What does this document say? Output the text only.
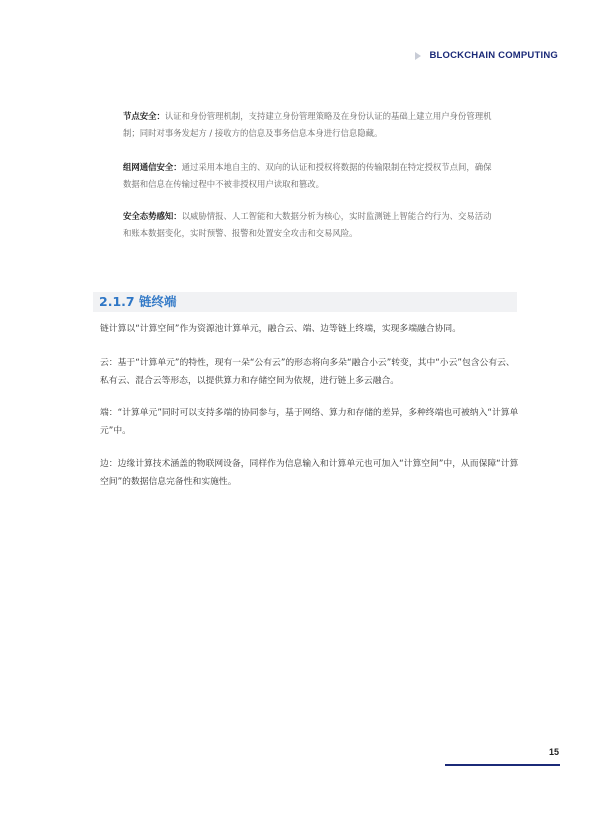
BLOCKCHAIN COMPUTING
节点安全：认证和身份管理机制，支持建立身份管理策略及在身份认证的基础上建立用户身份管理机制；同时对事务发起方 / 接收方的信息及事务信息本身进行信息隐藏。
组网通信安全：通过采用本地自主的、双向的认证和授权将数据的传输限制在特定授权节点间，确保数据和信息在传输过程中不被非授权用户读取和篡改。
安全态势感知：以威胁情报、人工智能和大数据分析为核心，实时监测链上智能合约行为、交易活动和账本数据变化，实时预警、报警和处置安全攻击和交易风险。
2.1.7 链终端
链计算以“计算空间”作为资源池计算单元，融合云、端、边等链上终端，实现多端融合协同。
云：基于“计算单元”的特性，现有一朵“公有云”的形态将向多朵“融合小云”转变，其中“小云”包含公有云、私有云、混合云等形态，以提供算力和存储空间为依规，进行链上多云融合。
端：“计算单元”同时可以支持多端的协同参与，基于网络、算力和存储的差异，多种终端也可被纳入“计算单元”中。
边：边缘计算技术涵盖的物联网设备，同样作为信息输入和计算单元也可加入“计算空间”中，从而保障“计算空间”的数据信息完备性和实施性。
15
